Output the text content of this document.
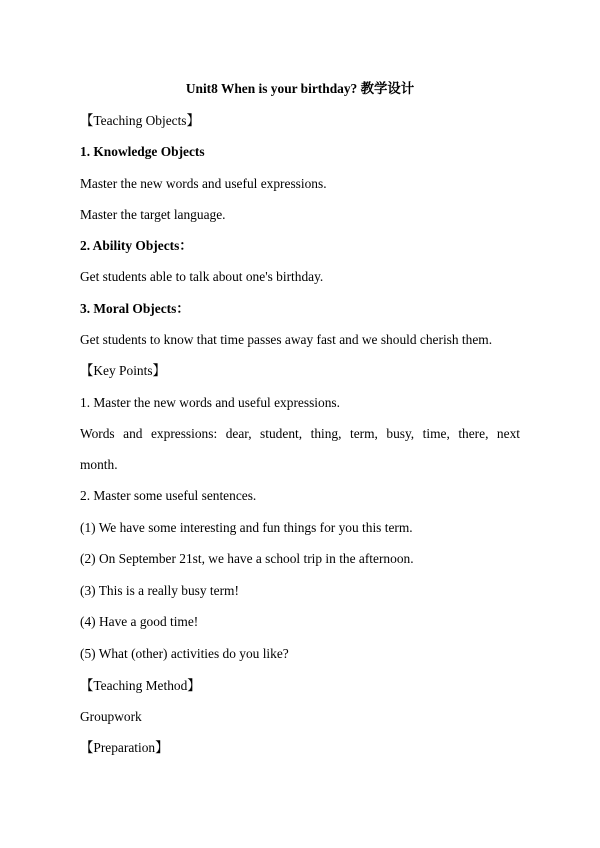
Unit8 When is your birthday? 教学设计
【Teaching Objects】
1. Knowledge Objects
Master the new words and useful expressions.
Master the target language.
2. Ability Objects：
Get students able to talk about one's birthday.
3. Moral Objects：
Get students to know that time passes away fast and we should cherish them.
【Key Points】
1. Master the new words and useful expressions.
Words and expressions: dear, student, thing, term, busy, time, there, next
month.
2. Master some useful sentences.
(1) We have some interesting and fun things for you this term.
(2) On September 21st, we have a school trip in the afternoon.
(3) This is a really busy term!
(4) Have a good time!
(5) What (other) activities do you like?
【Teaching Method】
Groupwork
【Preparation】
